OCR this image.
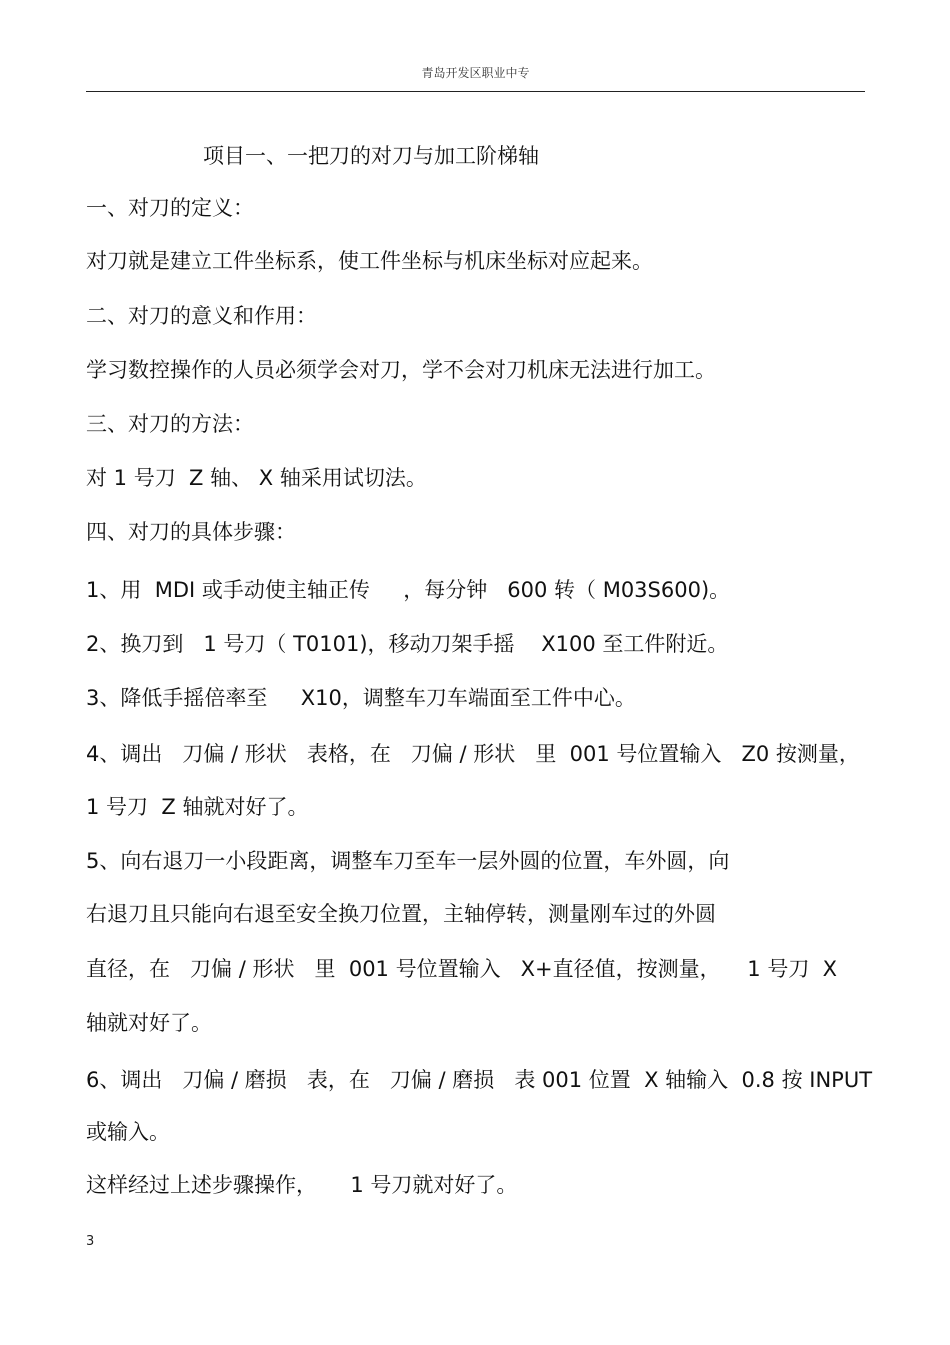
青岛开发区职业中专
项目一、一把刀的对刀与加工阶梯轴
一、对刀的定义：
对刀就是建立工件坐标系，使工件坐标与机床坐标对应起来。
二、对刀的意义和作用：
学习数控操作的人员必须学会对刀，学不会对刀机床无法进行加工。
三、对刀的方法：
对 1 号刀  Z 轴、 X 轴采用试切法。
四、对刀的具体步骤：
1、用  MDI 或手动使主轴正传     ，每分钟   600 转（ M03S600)。
2、换刀到   1 号刀（ T0101)，移动刀架手摇    X100 至工件附近。
3、降低手摇倍率至     X10，调整车刀车端面至工件中心。
4、调出   刀偏 / 形状   表格，在   刀偏 / 形状   里  001 号位置输入   Z0 按测量，
1 号刀  Z 轴就对好了。
5、向右退刀一小段距离，调整车刀至车一层外圆的位置，车外圆，向
右退刀且只能向右退至安全换刀位置，主轴停转，测量刚车过的外圆
直径，在   刀偏 / 形状   里  001 号位置输入   X+直径值，按测量，    1 号刀  X
轴就对好了。
6、调出   刀偏 / 磨损   表，在   刀偏 / 磨损   表 001 位置  X 轴输入  0.8 按 INPUT
或输入。
这样经过上述步骤操作，     1 号刀就对好了。
3
